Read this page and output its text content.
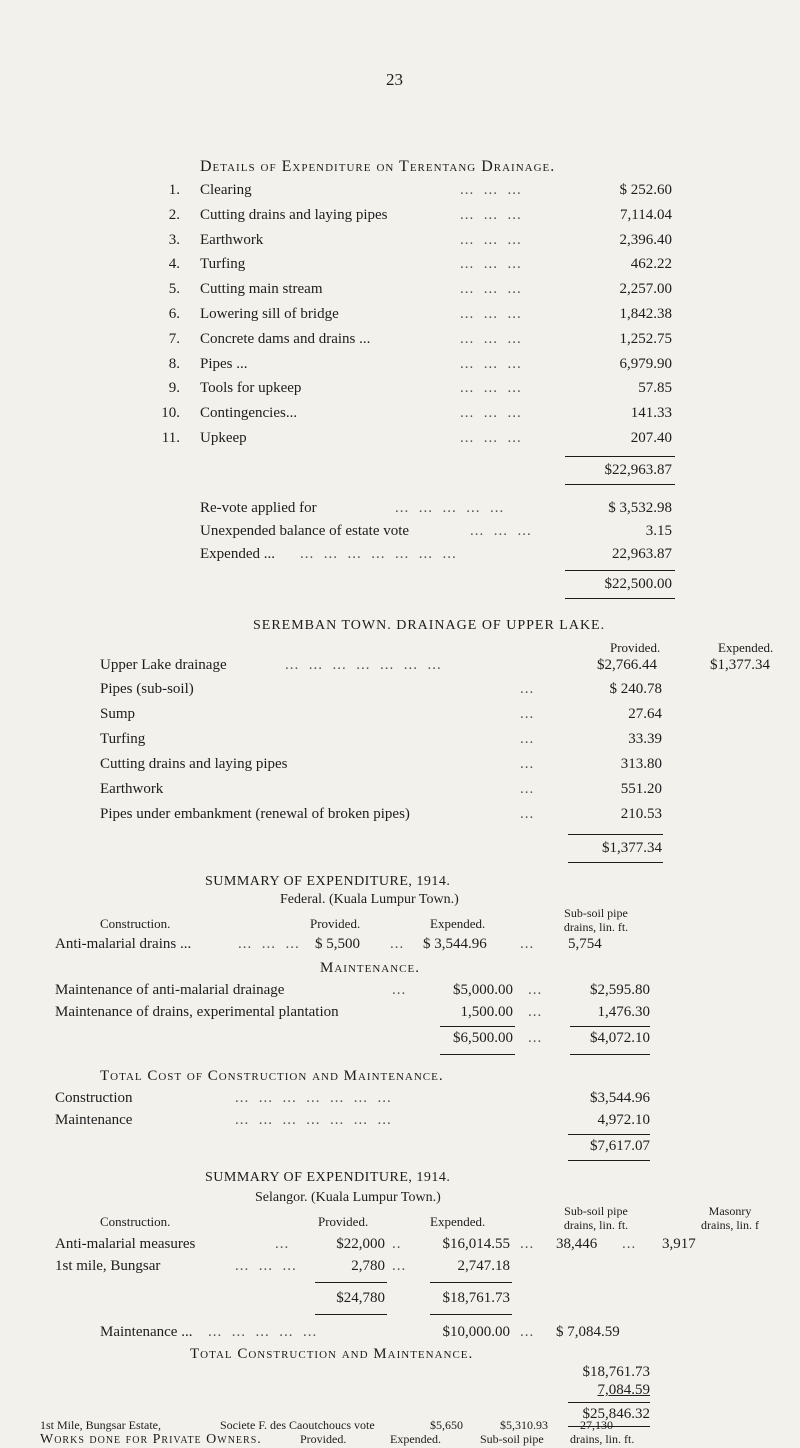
23
Details of Expenditure on Terentang Drainage.
1. Clearing	...  ...  ...	$ 252.60
2. Cutting drains and laying pipes	...  ...  ...	7,114.04
3. Earthwork	...  ...  ...	2,396.40
4. Turfing	...  ...  ...	462.22
5. Cutting main stream	...  ...  ...	2,257.00
6. Lowering sill of bridge	...  ...  ...	1,842.38
7. Concrete dams and drains ...	...  ...  ...	1,252.75
8. Pipes ...	...  ...  ...	6,979.90
9. Tools for upkeep	...  ...  ...	57.85
10. Contingencies...	...  ...  ...	141.33
11. Upkeep	...  ...  ...	207.40
$22,963.87
Re-vote applied for	...  ...  ...  ...  ...	$ 3,532.98
Unexpended balance of estate vote	...  ...  ...	3.15
Expended ... ...  ...  ...  ...  ...  ...  ...	22,963.87
$22,500.00
SEREMBAN TOWN. DRAINAGE OF UPPER LAKE.
Provided.	Expended.
Upper Lake drainage	...  ...  ...  ...  ...  ...  ...	$2,766.44	$1,377.34
Pipes (sub-soil)	...	$ 240.78
Sump	...	27.64
Turfing	...	33.39
Cutting drains and laying pipes	...	313.80
Earthwork	...	551.20
Pipes under embankment (renewal of broken pipes)	...	210.53
$1,377.34
SUMMARY OF EXPENDITURE, 1914.
Federal. (Kuala Lumpur Town.)
Construction.	Provided.	Expended.
Sub-soil pipe
drains, lin. ft.
Anti-malarial drains ...	...  ...  ... $ 5,500 ... $ 3,544.96 ... 5,754
Maintenance.
Maintenance of anti-malarial drainage	...	$5,000.00 ...	$2,595.80
Maintenance of drains, experimental plantation	1,500.00 ...	1,476.30
$6,500.00 ...	$4,072.10
Total Cost of Construction and Maintenance.
Construction	...  ...  ...  ...  ...  ...  ...	$3,544.96
Maintenance	...  ...  ...  ...  ...  ...  ...	4,972.10
$7,617.07
SUMMARY OF EXPENDITURE, 1914.
Selangor. (Kuala Lumpur Town.)
Construction.	Provided.	Expended.
Sub-soil pipe
drains, lin. ft.
Masonry
drains, lin. f
Anti-malarial measures	...	$22,000 ..	$16,014.55 ... 38,446 ... 3,917
1st mile, Bungsar	...  ...  ...	2,780 ...	2,747.18
$24,780	$18,761.73
Maintenance ... ...  ...  ...  ...  ...	$10,000.00 ... $ 7,084.59
Total Construction and Maintenance.
$18,761.73
7,084.59
$25,846.32
Works done for Private Owners.	Provided.	Expended.	Sub-soil pipe drains, lin. ft.
1st Mile, Bungsar Estate,	Societe F. des Caoutchoucs vote	$5,650	$5,310.93	27,130
